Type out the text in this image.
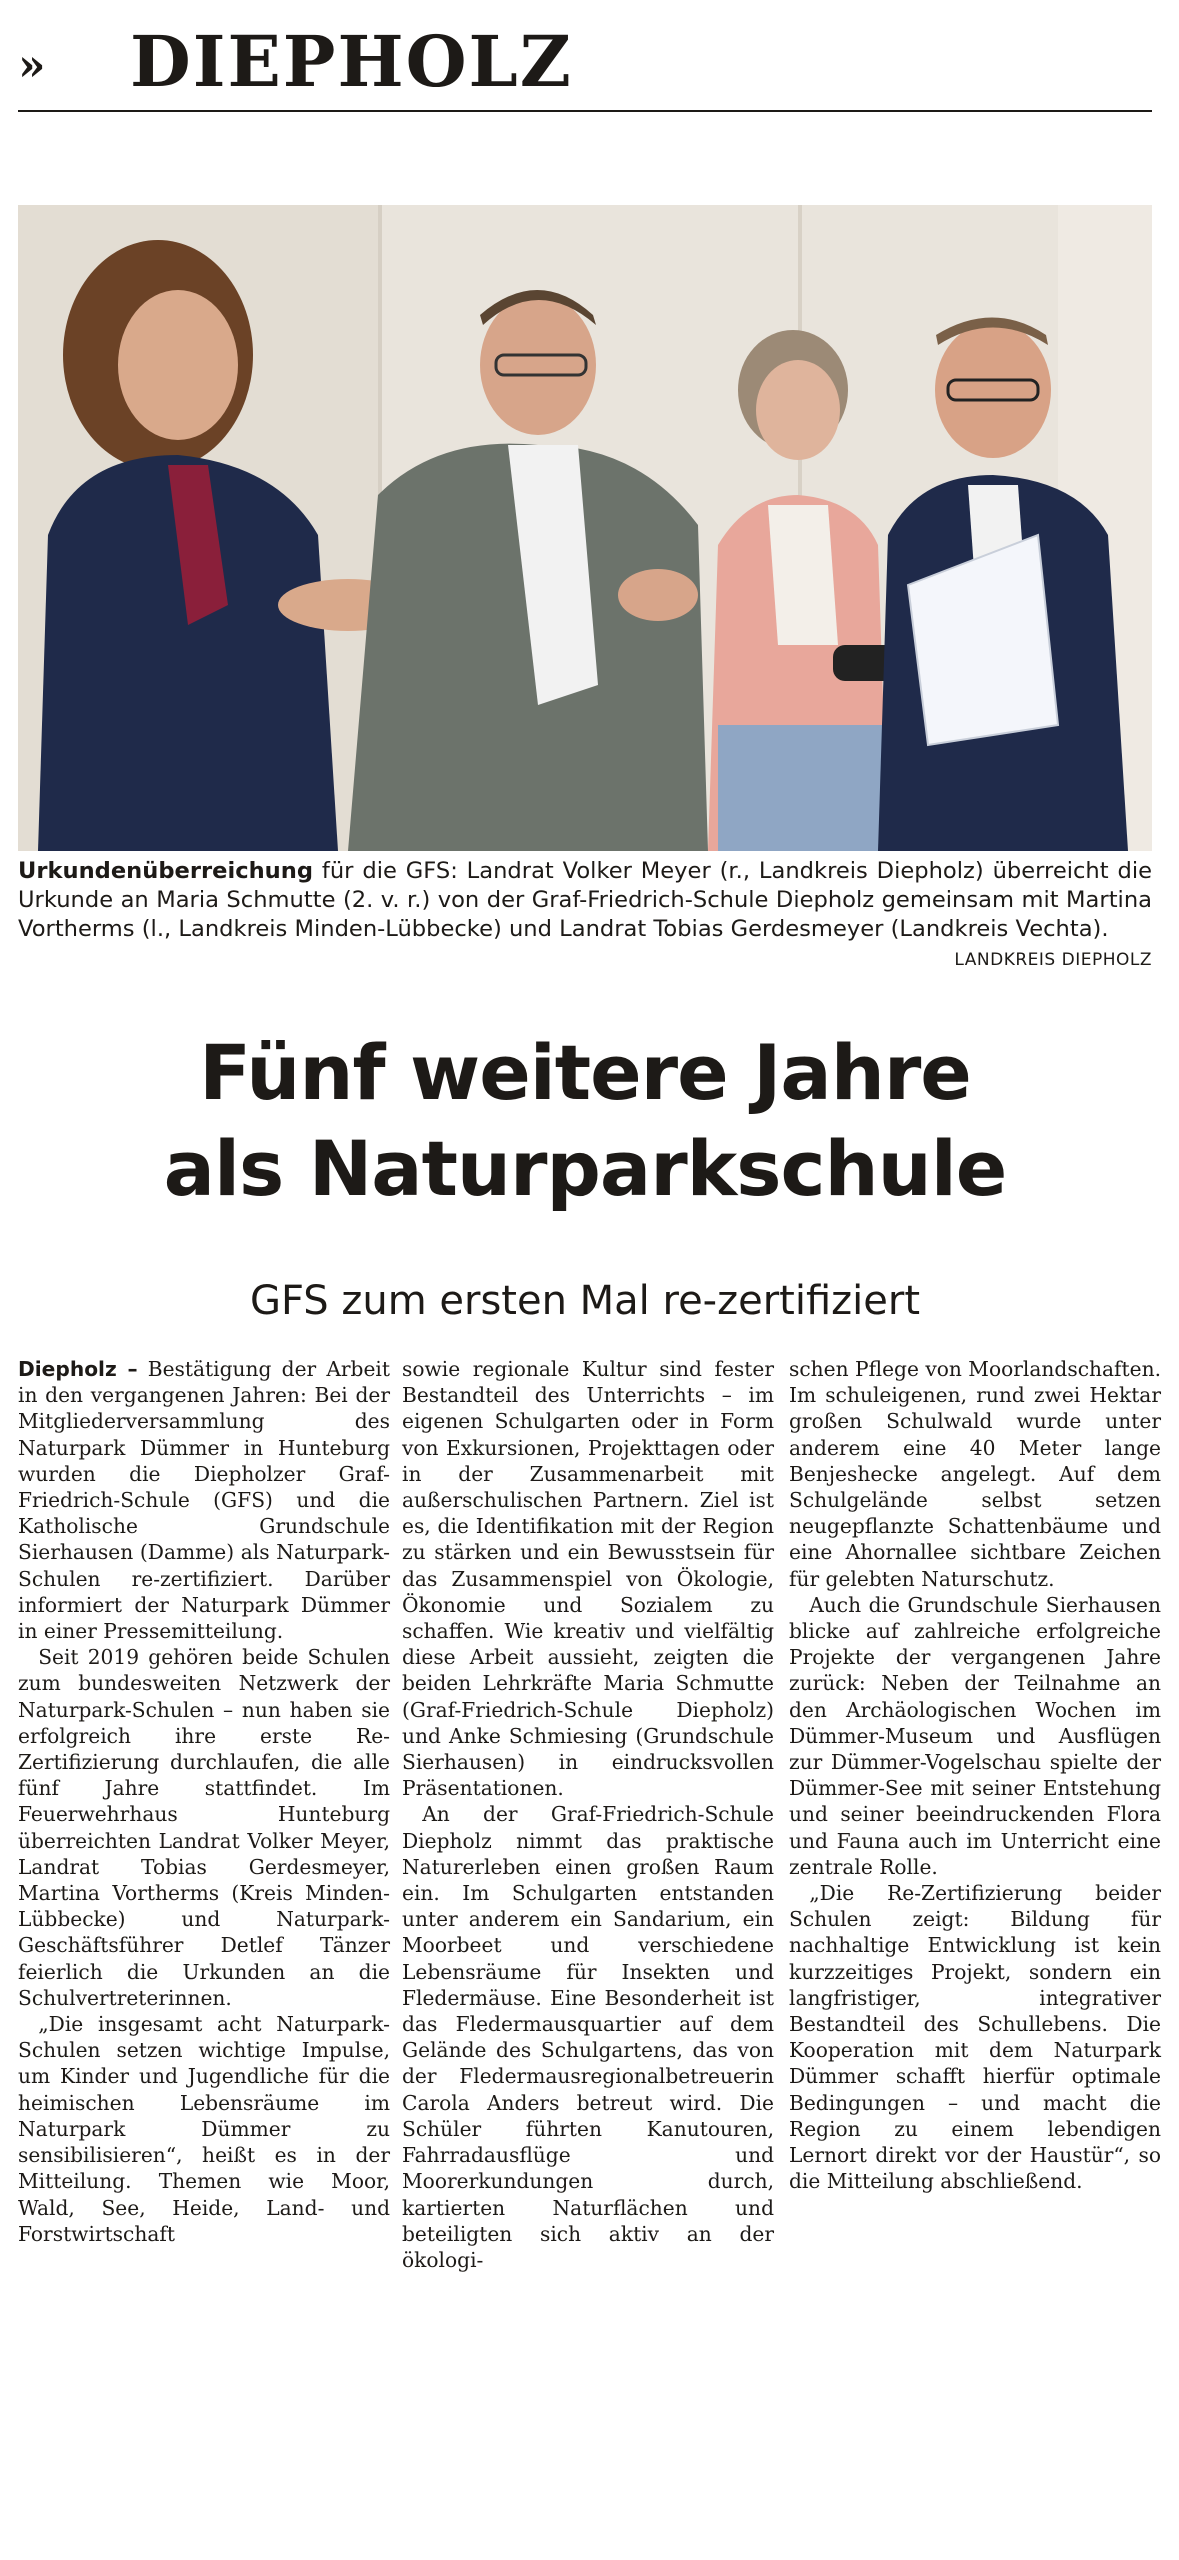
» DIEPHOLZ
Urkundenüberreichung für die GFS: Landrat Volker Meyer (r., Landkreis Diepholz) überreicht die Urkunde an Maria Schmutte (2. v. r.) von der Graf-Friedrich-Schule Diepholz gemeinsam mit Martina Vortherms (l., Landkreis Minden-Lübbecke) und Landrat Tobias Gerdesmeyer (Landkreis Vechta).
LANDKREIS DIEPHOLZ
Fünf weitere Jahre
als Naturparkschule
GFS zum ersten Mal re-zertifiziert

Diepholz – Bestätigung der Arbeit in den vergangenen Jahren: Bei der Mitgliederversammlung des Naturpark Dümmer in Hunteburg wurden die Diepholzer Graf-Friedrich-Schule (GFS) und die Katholische Grundschule Sierhausen (Damme) als Naturpark-Schulen re-zertifiziert. Darüber informiert der Naturpark Dümmer in einer Pressemitteilung.

Seit 2019 gehören beide Schulen zum bundesweiten Netzwerk der Naturpark-Schulen – nun haben sie erfolgreich ihre erste Re-Zertifizierung durchlaufen, die alle fünf Jahre stattfindet. Im Feuerwehrhaus Hunteburg überreichten Landrat Volker Meyer, Landrat Tobias Gerdesmeyer, Martina Vortherms (Kreis Minden-Lübbecke) und Naturpark-Geschäftsführer Detlef Tänzer feierlich die Urkunden an die Schulvertreterinnen.

„Die insgesamt acht Naturpark-Schulen setzen wichtige Impulse, um Kinder und Jugendliche für die heimischen Lebensräume im Naturpark Dümmer zu sensibilisieren“, heißt es in der Mitteilung. Themen wie Moor, Wald, See, Heide, Land- und Forstwirtschaft

sowie regionale Kultur sind fester Bestandteil des Unterrichts – im eigenen Schulgarten oder in Form von Exkursionen, Projekttagen oder in der Zusammenarbeit mit außerschulischen Partnern. Ziel ist es, die Identifikation mit der Region zu stärken und ein Bewusstsein für das Zusammenspiel von Ökologie, Ökonomie und Sozialem zu schaffen. Wie kreativ und vielfältig diese Arbeit aussieht, zeigten die beiden Lehrkräfte Maria Schmutte (Graf-Friedrich-Schule Diepholz) und Anke Schmiesing (Grundschule Sierhausen) in eindrucksvollen Präsentationen.

An der Graf-Friedrich-Schule Diepholz nimmt das praktische Naturerleben einen großen Raum ein. Im Schulgarten entstanden unter anderem ein Sandarium, ein Moorbeet und verschiedene Lebensräume für Insekten und Fledermäuse. Eine Besonderheit ist das Fledermausquartier auf dem Gelände des Schulgartens, das von der Fledermausregionalbetreuerin Carola Anders betreut wird. Die Schüler führten Kanutouren, Fahrradausflüge und Moorerkundungen durch, kartierten Naturflächen und beteiligten sich aktiv an der ökologi-

schen Pflege von Moorlandschaften. Im schuleigenen, rund zwei Hektar großen Schulwald wurde unter anderem eine 40 Meter lange Benjeshecke angelegt. Auf dem Schulgelände selbst setzen neugepflanzte Schattenbäume und eine Ahornallee sichtbare Zeichen für gelebten Naturschutz.

Auch die Grundschule Sierhausen blicke auf zahlreiche erfolgreiche Projekte der vergangenen Jahre zurück: Neben der Teilnahme an den Archäologischen Wochen im Dümmer-Museum und Ausflügen zur Dümmer-Vogelschau spielte der Dümmer-See mit seiner Entstehung und seiner beeindruckenden Flora und Fauna auch im Unterricht eine zentrale Rolle.

„Die Re-Zertifizierung beider Schulen zeigt: Bildung für nachhaltige Entwicklung ist kein kurzzeitiges Projekt, sondern ein langfristiger, integrativer Bestandteil des Schullebens. Die Kooperation mit dem Naturpark Dümmer schafft hierfür optimale Bedingungen – und macht die Region zu einem lebendigen Lernort direkt vor der Haustür“, so die Mitteilung abschließend.
